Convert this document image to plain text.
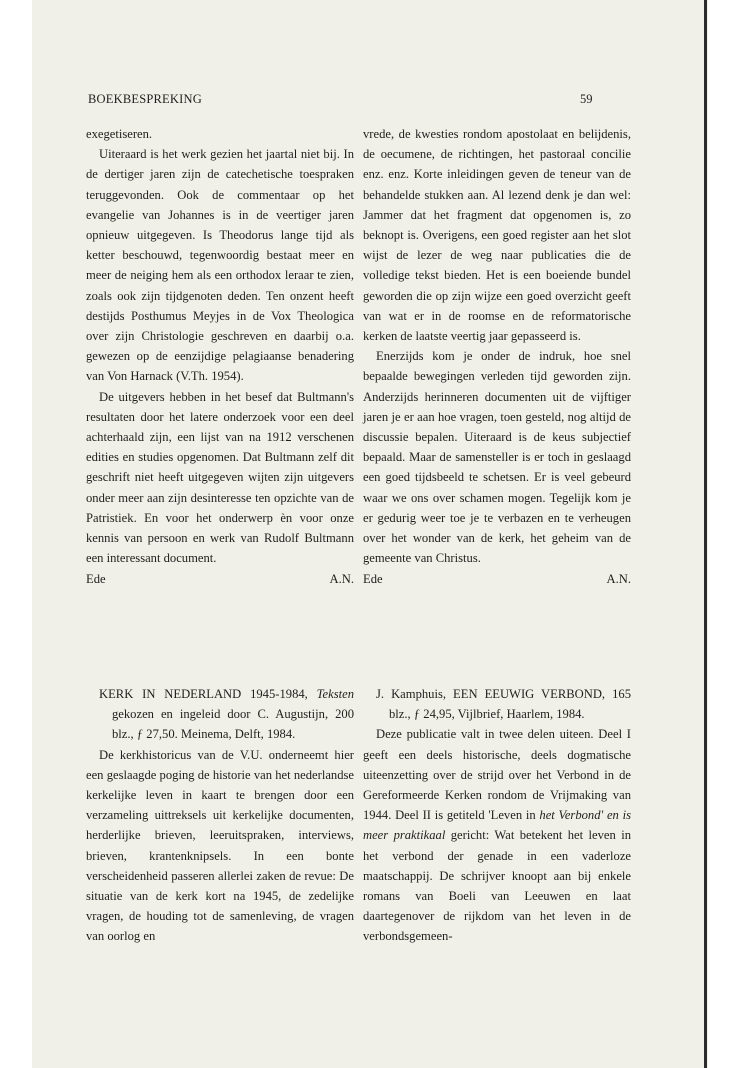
BOEKBESPREKING	59

exegetiseren.

Uiteraard is het werk gezien het jaartal niet bij. In de dertiger jaren zijn de catechetische toespraken teruggevonden. Ook de commentaar op het evangelie van Johannes is in de veertiger jaren opnieuw uitgegeven. Is Theodorus lange tijd als ketter beschouwd, tegenwoordig bestaat meer en meer de neiging hem als een orthodox leraar te zien, zoals ook zijn tijdgenoten deden. Ten onzent heeft destijds Posthumus Meyjes in de Vox Theologica over zijn Christologie geschreven en daarbij o.a. gewezen op de eenzijdige pelagiaanse benadering van Von Harnack (V.Th. 1954).

De uitgevers hebben in het besef dat Bultmann's resultaten door het latere onderzoek voor een deel achterhaald zijn, een lijst van na 1912 verschenen edities en studies opgenomen. Dat Bultmann zelf dit geschrift niet heeft uitgegeven wijten zijn uitgevers onder meer aan zijn desinteresse ten opzichte van de Patristiek. En voor het onderwerp èn voor onze kennis van persoon en werk van Rudolf Bultmann een interessant document.

Ede	A.N.

vrede, de kwesties rondom apostolaat en belijdenis, de oecumene, de richtingen, het pastoraal concilie enz. enz. Korte inleidingen geven de teneur van de behandelde stukken aan. Al lezend denk je dan wel: Jammer dat het fragment dat opgenomen is, zo beknopt is. Overigens, een goed register aan het slot wijst de lezer de weg naar publicaties die de volledige tekst bieden. Het is een boeiende bundel geworden die op zijn wijze een goed overzicht geeft van wat er in de roomse en de reformatorische kerken de laatste veertig jaar gepasseerd is.

Enerzijds kom je onder de indruk, hoe snel bepaalde bewegingen verleden tijd geworden zijn. Anderzijds herinneren documenten uit de vijftiger jaren je er aan hoe vragen, toen gesteld, nog altijd de discussie bepalen. Uiteraard is de keus subjectief bepaald. Maar de samensteller is er toch in geslaagd een goed tijdsbeeld te schetsen. Er is veel gebeurd waar we ons over schamen mogen. Tegelijk kom je er gedurig weer toe je te verbazen en te verheugen over het wonder van de kerk, het geheim van de gemeente van Christus.

Ede	A.N.

KERK IN NEDERLAND 1945-1984, Teksten gekozen en ingeleid door C. Augustijn, 200 blz., ƒ 27,50. Meinema, Delft, 1984.

De kerkhistoricus van de V.U. onderneemt hier een geslaagde poging de historie van het nederlandse kerkelijke leven in kaart te brengen door een verzameling uittreksels uit kerkelijke documenten, herderlijke brieven, leeruitspraken, interviews, brieven, krantenknipsels. In een bonte verscheidenheid passeren allerlei zaken de revue: De situatie van de kerk kort na 1945, de zedelijke vragen, de houding tot de samenleving, de vragen van oorlog en

J. Kamphuis, EEN EEUWIG VERBOND, 165 blz., ƒ 24,95, Vijlbrief, Haarlem, 1984.

Deze publicatie valt in twee delen uiteen. Deel I geeft een deels historische, deels dogmatische uiteenzetting over de strijd over het Verbond in de Gereformeerde Kerken rondom de Vrijmaking van 1944. Deel II is getiteld 'Leven in het Verbond' en is meer praktikaal gericht: Wat betekent het leven in het verbond der genade in een vaderloze maatschappij. De schrijver knoopt aan bij enkele romans van Boeli van Leeuwen en laat daartegenover de rijkdom van het leven in de verbondsgemeen-
